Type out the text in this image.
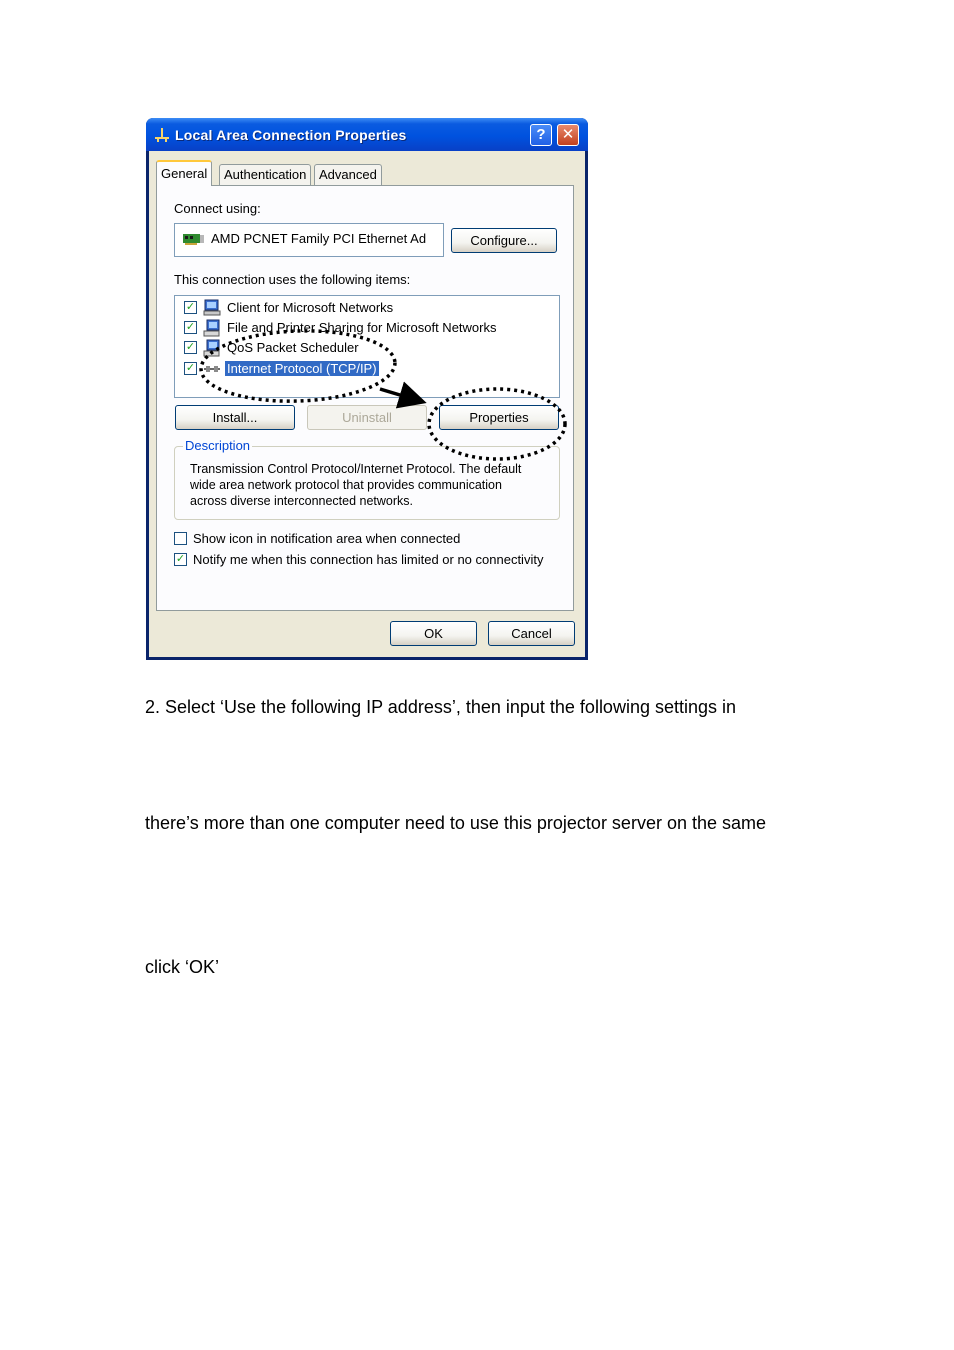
Local Area Connection Properties	?	✕
General	Authentication Advanced
Connect using:
AMD PCNET Family PCI Ethernet Ad	Configure...
This connection uses the following items:
✓ Client for Microsoft Networks
✓ File and Printer Sharing for Microsoft Networks
✓ QoS Packet Scheduler
✓ Internet Protocol (TCP/IP)
Install...	Uninstall	Properties
Description
Transmission Control Protocol/Internet Protocol. The default wide area network protocol that provides communication across diverse interconnected networks.
Show icon in notification area when connected
✓ Notify me when this connection has limited or no connectivity
OK	Cancel
2. Select ‘Use the following IP address’, then input the following settings in
there’s more than one computer need to use this projector server on the same
click ‘OK’
